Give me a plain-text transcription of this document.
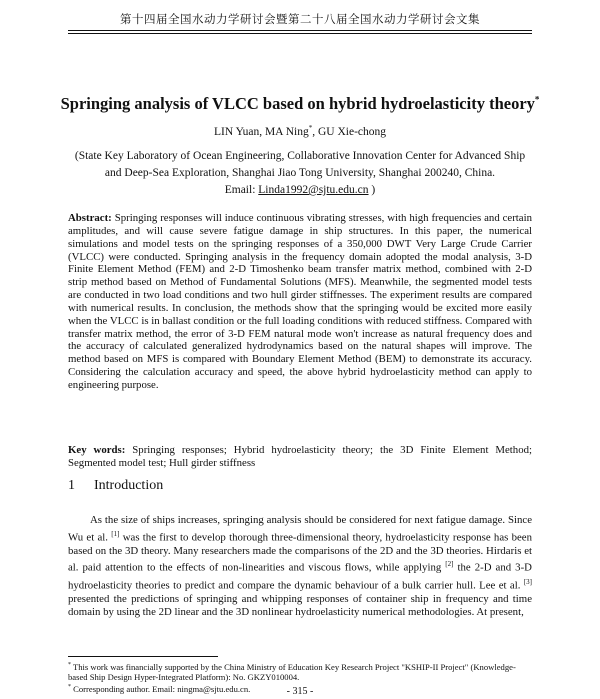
第十四届全国水动力学研讨会暨第二十八届全国水动力学研讨会文集
Springing analysis of VLCC based on hybrid hydroelasticity theory*
LIN Yuan, MA Ning*, GU Xie-chong
(State Key Laboratory of Ocean Engineering, Collaborative Innovation Center for Advanced Ship
and Deep-Sea Exploration, Shanghai Jiao Tong University, Shanghai 200240, China.
Email: Linda1992@sjtu.edu.cn )

Abstract: Springing responses will induce continuous vibrating stresses, with high frequencies and certain amplitudes, and will cause severe fatigue damage in ship structures. In this paper, the numerical simulations and model tests on the springing responses of a 350,000 DWT Very Large Crude Carrier (VLCC) were conducted. Springing analysis in the frequency domain adopted the modal analysis, 3-D Finite Element Method (FEM) and 2-D Timoshenko beam transfer matrix method, combined with 2-D strip method based on Method of Fundamental Solutions (MFS). Meanwhile, the segmented model tests are conducted in two load conditions and two hull girder stiffnesses. The experiment results are compared with numerical results. In conclusion, the methods show that the springing would be excited more easily when the VLCC is in ballast condition or the full loading conditions with reduced stiffness. Compared with transfer matrix method, the error of 3-D FEM natural mode won't increase as natural frequency does and the accuracy of calculated generalized hydrodynamics based on the natural shapes will improve. The method based on MFS is compared with Boundary Element Method (BEM) to demonstrate its accuracy. Considering the calculation accuracy and speed, the above hybrid hydroelasticity method can apply to engineering purpose.

Key words: Springing responses; Hybrid hydroelasticity theory; the 3D Finite Element Method; Segmented model test; Hull girder stiffness

1 Introduction

As the size of ships increases, springing analysis should be considered for next fatigue damage. Since Wu et al. [1] was the first to develop thorough three-dimensional theory, hydroelasticity response has been based on the 3D theory. Many researchers made the comparisons of the 2D and the 3D theories. Hirdaris et al. paid attention to the effects of non-linearities and viscous flows, while applying [2] the 2-D and 3-D hydroelasticity theories to predict and compare the dynamic behaviour of a bulk carrier hull. Lee et al. [3] presented the predictions of springing and whipping responses of container ship in frequency and time domain by using the 2D linear and the 3D nonlinear hydroelasticity numerical methodologies. At present,

* This work was financially supported by the China Ministry of Education Key Research Project "KSHIP-II Project" (Knowledge-based Ship Design Hyper-Integrated Platform): No. GKZY010004.
* Corresponding author. Email: ningma@sjtu.edu.cn.	- 315 -
